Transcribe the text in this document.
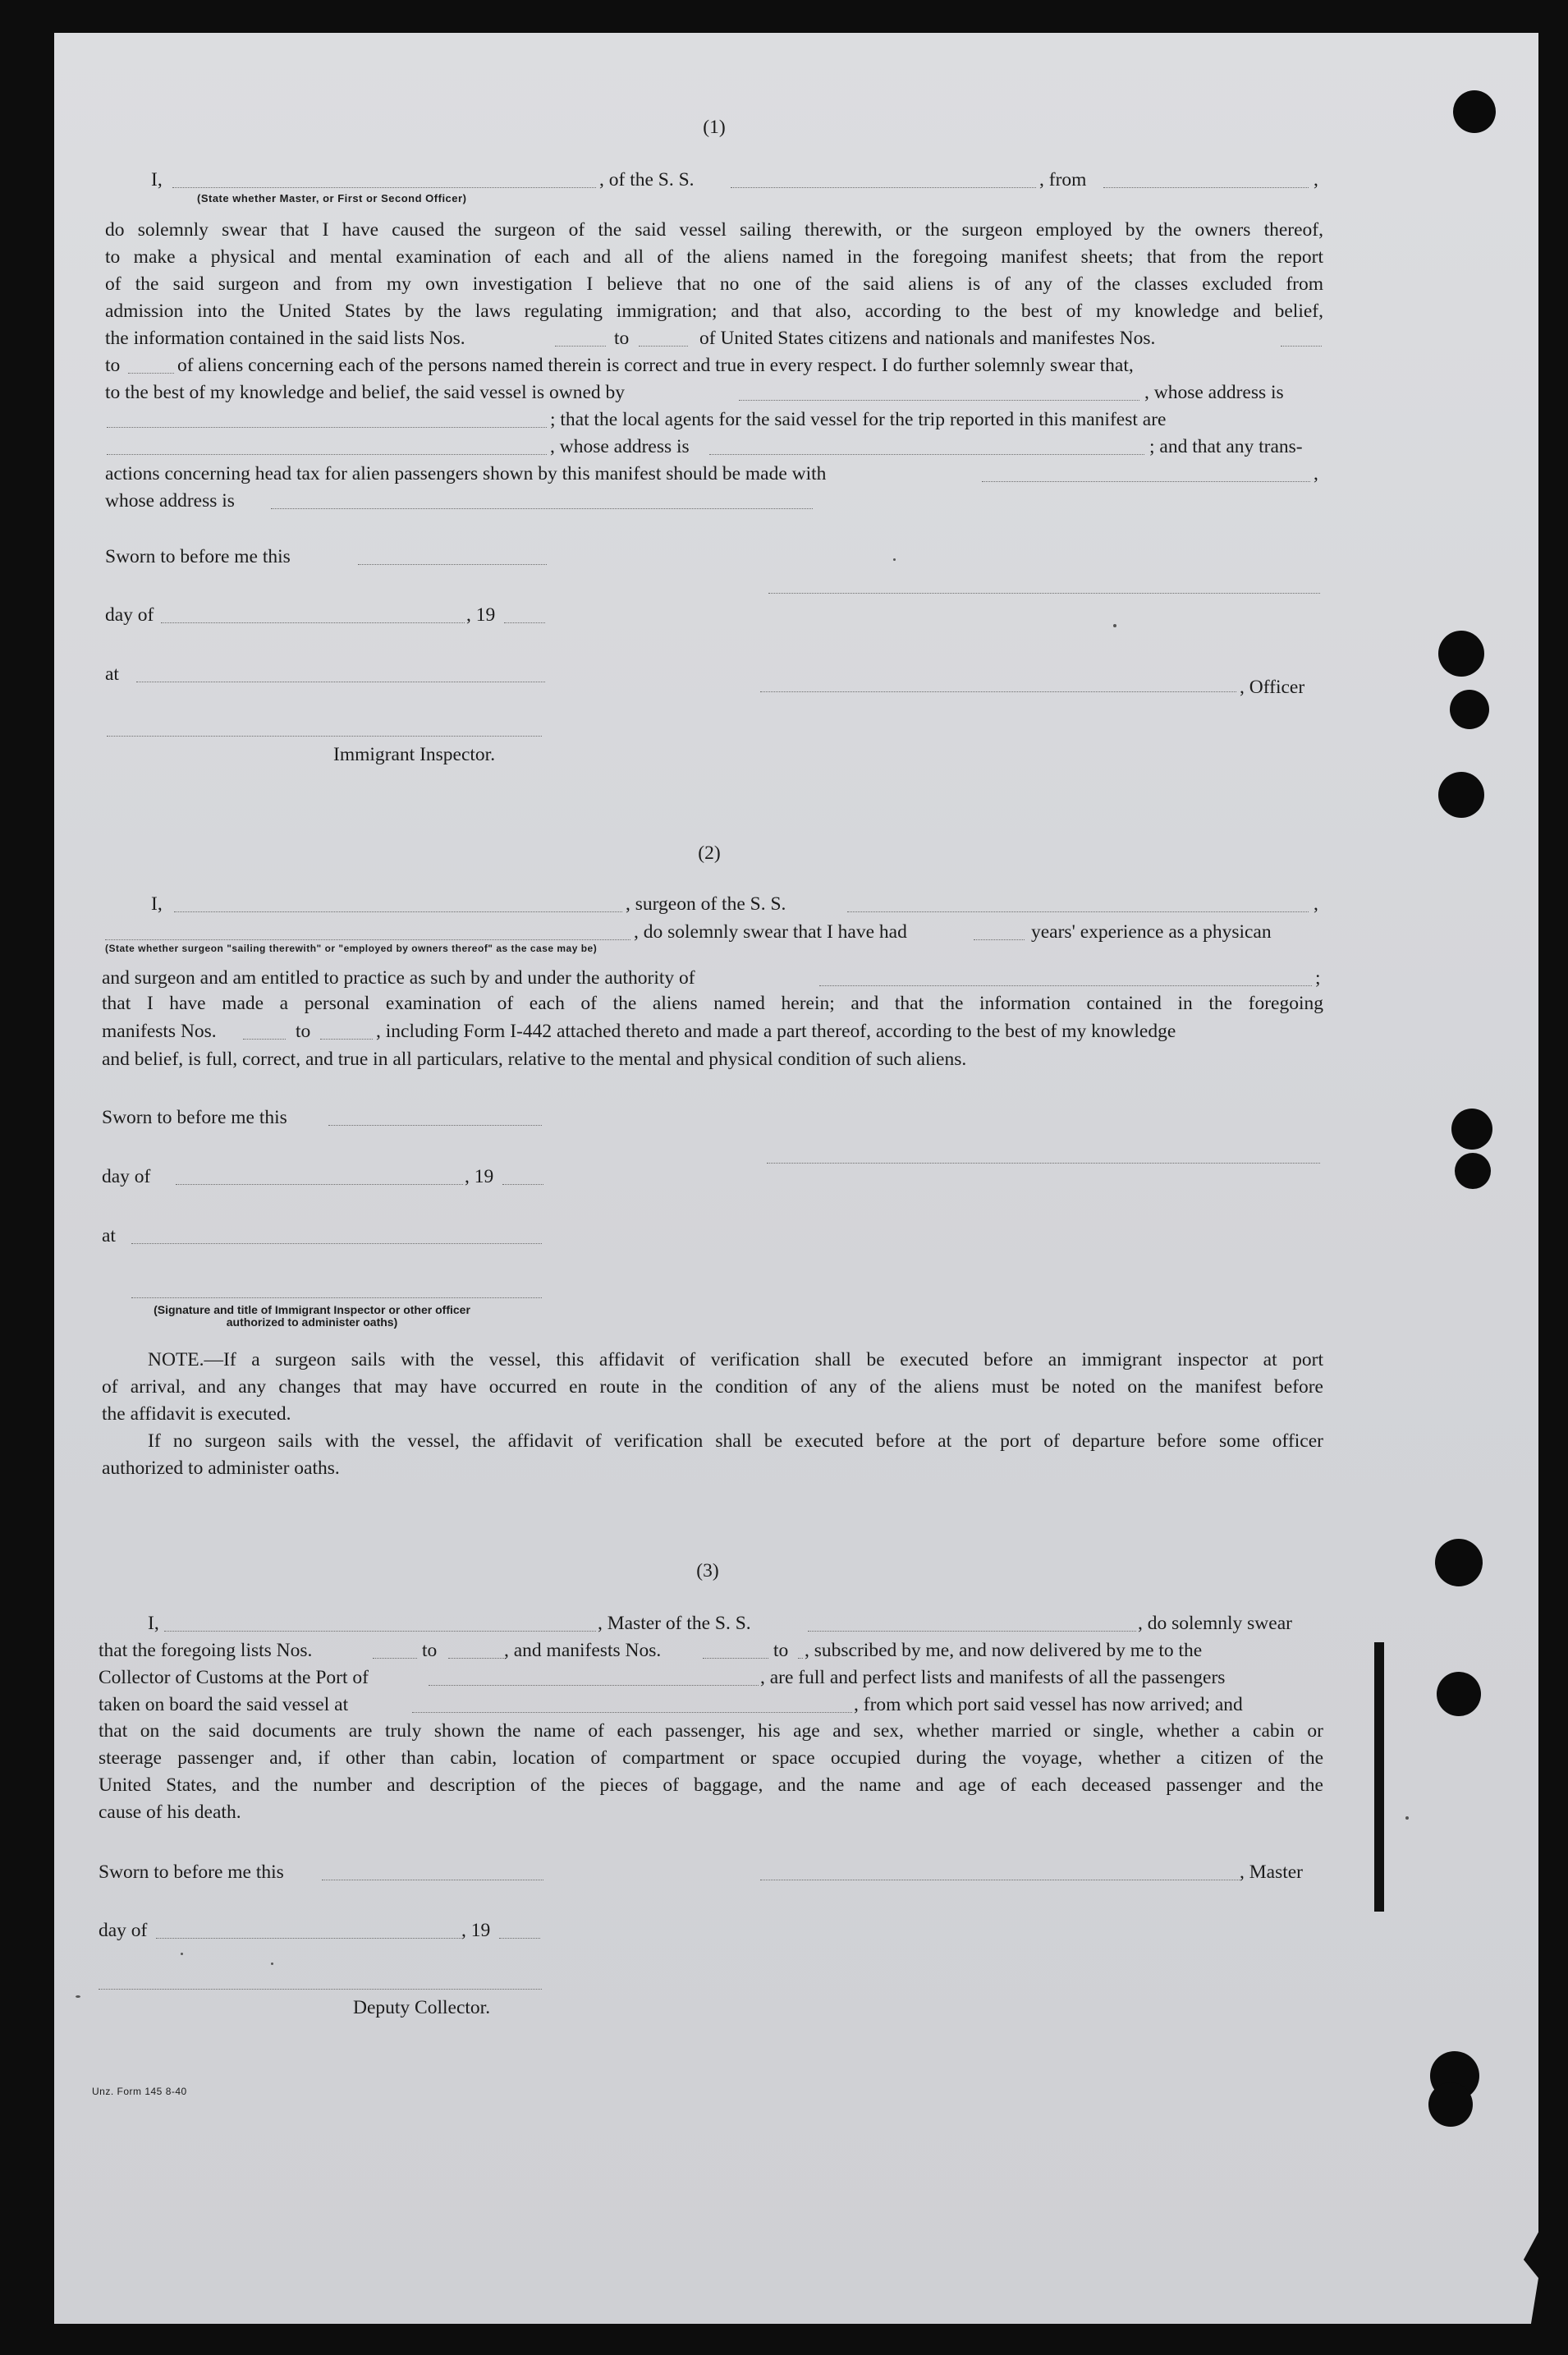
(1)
I,	, of the S. S.	, from	,
(State whether Master, or First or Second Officer)
do solemnly swear that I have caused the surgeon of the said vessel sailing therewith, or the surgeon employed by the owners thereof,
to make a physical and mental examination of each and all of the aliens named in the foregoing manifest sheets; that from the report
of the said surgeon and from my own investigation I believe that no one of the said aliens is of any of the classes excluded from
admission into the United States by the laws regulating immigration; and that also, according to the best of my knowledge and belief,
the information contained in the said lists Nos.	to	of United States citizens and nationals and manifestes Nos.
to	of aliens concerning each of the persons named therein is correct and true in every respect. I do further solemnly swear that,
to the best of my knowledge and belief, the said vessel is owned by	, whose address is
; that the local agents for the said vessel for the trip reported in this manifest are
, whose address is	; and that any trans-
actions concerning head tax for alien passengers shown by this manifest should be made with	,
whose address is
Sworn to before me this
day of	, 19
at
, Officer
Immigrant Inspector.
(2)
I,	, surgeon of the S. S.	,
, do solemnly swear that I have had	years' experience as a physican
(State whether surgeon "sailing therewith" or "employed by owners thereof" as the case may be)
and surgeon and am entitled to practice as such by and under the authority of	;
that I have made a personal examination of each of the aliens named herein; and that the information contained in the foregoing
manifests Nos.	to	, including Form I-442 attached thereto and made a part thereof, according to the best of my knowledge
and belief, is full, correct, and true in all particulars, relative to the mental and physical condition of such aliens.
Sworn to before me this
day of	, 19
at
(Signature and title of Immigrant Inspector or other officer authorized to administer oaths)
NOTE.—If a surgeon sails with the vessel, this affidavit of verification shall be executed before an immigrant inspector at port
of arrival, and any changes that may have occurred en route in the condition of any of the aliens must be noted on the manifest before
the affidavit is executed.
If no surgeon sails with the vessel, the affidavit of verification shall be executed before at the port of departure before some officer
authorized to administer oaths.
(3)
I,	, Master of the S. S.	, do solemnly swear
that the foregoing lists Nos.	to	, and manifests Nos.	to , subscribed by me, and now delivered by me to the
Collector of Customs at the Port of	, are full and perfect lists and manifests of all the passengers
taken on board the said vessel at	, from which port said vessel has now arrived; and
that on the said documents are truly shown the name of each passenger, his age and sex, whether married or single, whether a cabin or
steerage passenger and, if other than cabin, location of compartment or space occupied during the voyage, whether a citizen of the
United States, and the number and description of the pieces of baggage, and the name and age of each deceased passenger and the
cause of his death.
Sworn to before me this	, Master
day of	, 19
Deputy Collector.
Unz. Form 145 8-40
